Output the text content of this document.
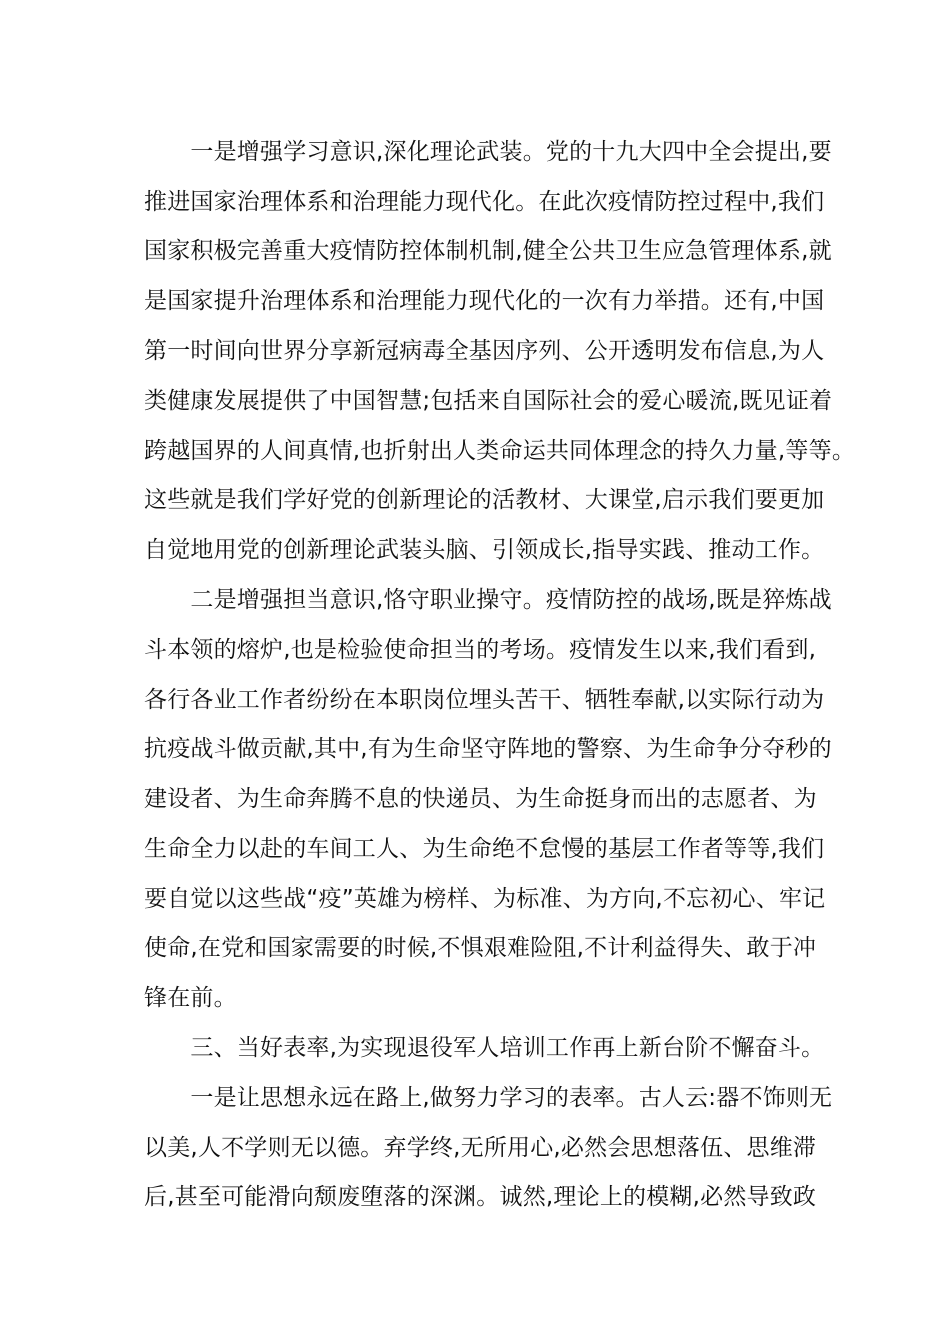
　　一是增强学习意识,深化理论武装。党的十九大四中全会提出,要
推进国家治理体系和治理能力现代化。在此次疫情防控过程中,我们
国家积极完善重大疫情防控体制机制,健全公共卫生应急管理体系,就
是国家提升治理体系和治理能力现代化的一次有力举措。还有,中国
第一时间向世界分享新冠病毒全基因序列、公开透明发布信息,为人
类健康发展提供了中国智慧;包括来自国际社会的爱心暖流,既见证着
跨越国界的人间真情,也折射出人类命运共同体理念的持久力量,等等。
这些就是我们学好党的创新理论的活教材、大课堂,启示我们要更加
自觉地用党的创新理论武装头脑、引领成长,指导实践、推动工作。
　　二是增强担当意识,恪守职业操守。疫情防控的战场,既是猝炼战
斗本领的熔炉,也是检验使命担当的考场。疫情发生以来,我们看到,
各行各业工作者纷纷在本职岗位埋头苦干、牺牲奉献,以实际行动为
抗疫战斗做贡献,其中,有为生命坚守阵地的警察、为生命争分夺秒的
建设者、为生命奔腾不息的快递员、为生命挺身而出的志愿者、为
生命全力以赴的车间工人、为生命绝不怠慢的基层工作者等等,我们
要自觉以这些战“疫”英雄为榜样、为标准、为方向,不忘初心、牢记
使命,在党和国家需要的时候,不惧艰难险阻,不计利益得失、敢于冲
锋在前。
　　三、当好表率,为实现退役军人培训工作再上新台阶不懈奋斗。
　　一是让思想永远在路上,做努力学习的表率。古人云:器不饰则无
以美,人不学则无以德。弃学终,无所用心,必然会思想落伍、思维滞
后,甚至可能滑向颓废堕落的深渊。诚然,理论上的模糊,必然导致政
